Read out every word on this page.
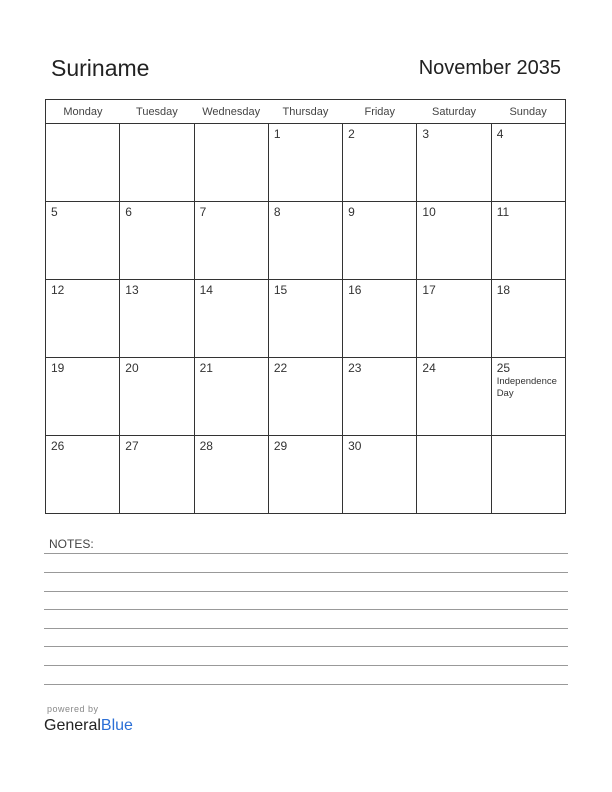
Suriname	November 2035
Monday	Tuesday	Wednesday	Thursday	Friday	Saturday	Sunday

			1	2	3	4

5	6	7	8	9	10	11

12	13	14	15	16	17	18

19	20	21	22	23	24	25
Independence Day

26	27	28	29	30		

NOTES:
powered by
GeneralBlue
